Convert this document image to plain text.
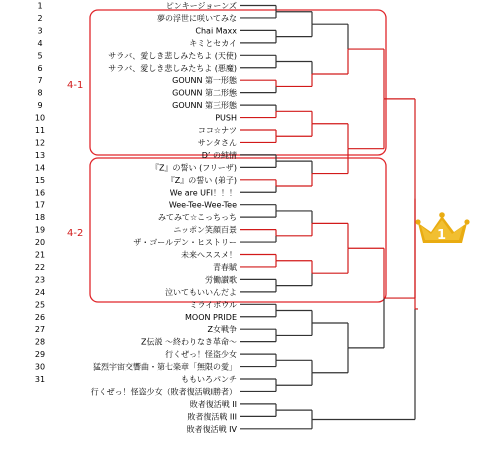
4-1
4-2
1
2
3
4
5
6
7
8
9
10
11
12
13
14
15
16
17
18
19
20
21
22
23
24
25
26
27
28
29
30
31
ピンキージョーンズ
夢の浮世に咲いてみな
Chai Maxx
キミとセカイ
サラバ、愛しき悲しみたちよ (天使)
サラバ、愛しき悲しみたちよ (悪魔)
GOUNN 第一形態
GOUNN 第二形態
GOUNN 第三形態
PUSH
ココ☆ナツ
サンタさん
D’ の純情
『Z』の誓い (フリーザ)
『Z』の誓い (弟子)
We are UFI！！！
Wee-Tee-Wee-Tee
みてみて☆こっちっち
ニッポン笑顔百景
ザ・ゴールデン・ヒストリー
未来へススメ！
青春賦
労働讃歌
泣いてもいいんだよ
ミライボウル
MOON PRIDE
Z女戦争
Z伝説 〜終わりなき革命〜
行くぜっ！怪盗少女
猛烈宇宙交響曲・第七楽章「無限の愛」
ももいろパンチ
行くぜっ！怪盗少女（敗者復活戦Ⅰ勝者）
敗者復活戦 II
敗者復活戦 III
敗者復活戦 IV
1
